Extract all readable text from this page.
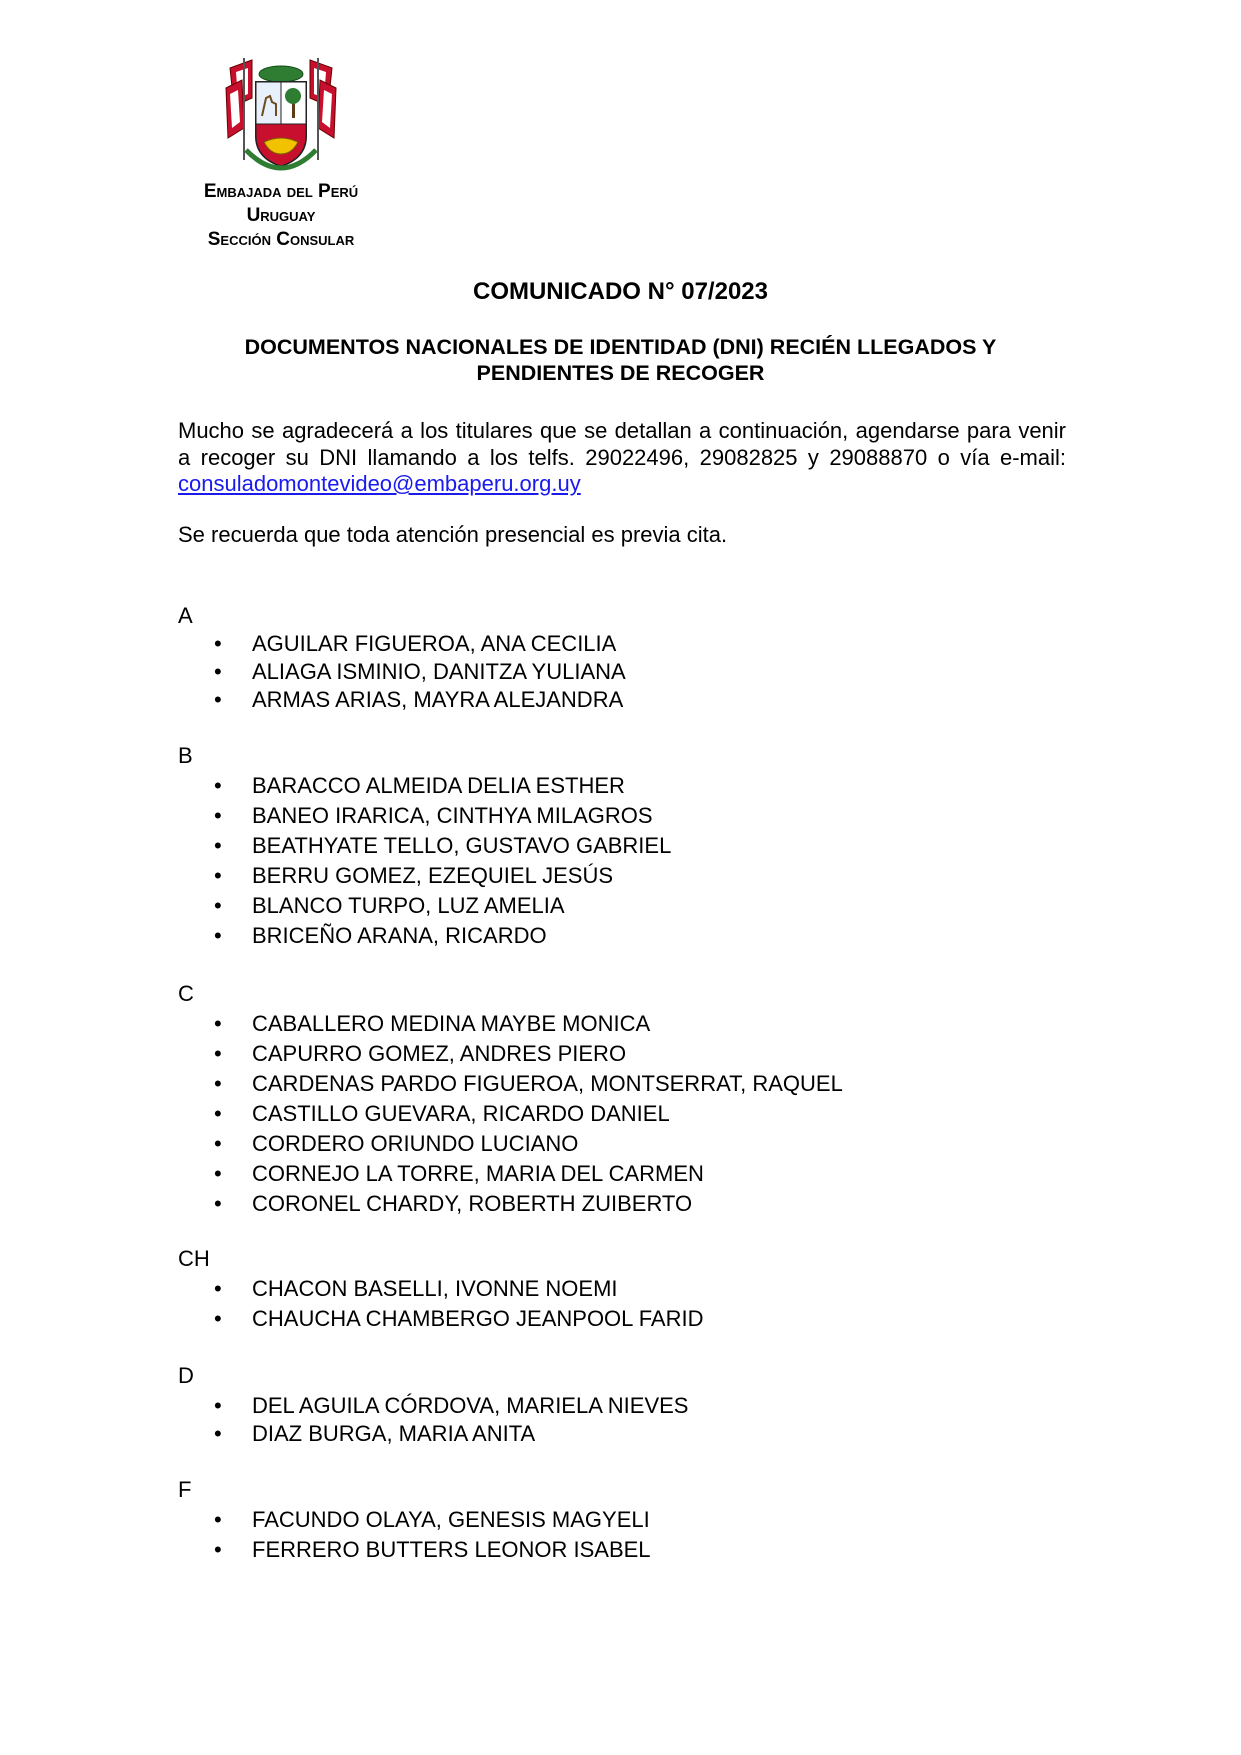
Embajada del Perú
Uruguay
Sección Consular
COMUNICADO N° 07/2023
DOCUMENTOS NACIONALES DE IDENTIDAD (DNI) RECIÉN LLEGADOS Y
PENDIENTES DE RECOGER
Mucho se agradecerá a los titulares que se detallan a continuación, agendarse para venir a recoger su DNI llamando a los telfs. 29022496, 29082825 y 29088870 o vía e-mail: consuladomontevideo@embaperu.org.uy
Se recuerda que toda atención presencial es previa cita.
A
• AGUILAR FIGUEROA, ANA CECILIA
• ALIAGA ISMINIO, DANITZA YULIANA
• ARMAS ARIAS, MAYRA ALEJANDRA
B
• BARACCO ALMEIDA DELIA ESTHER
• BANEO IRARICA, CINTHYA MILAGROS
• BEATHYATE TELLO, GUSTAVO GABRIEL
• BERRU GOMEZ, EZEQUIEL JESÚS
• BLANCO TURPO, LUZ AMELIA
• BRICEÑO ARANA, RICARDO
C
• CABALLERO MEDINA MAYBE MONICA
• CAPURRO GOMEZ, ANDRES PIERO
• CARDENAS PARDO FIGUEROA, MONTSERRAT, RAQUEL
• CASTILLO GUEVARA, RICARDO DANIEL
• CORDERO ORIUNDO LUCIANO
• CORNEJO LA TORRE, MARIA DEL CARMEN
• CORONEL CHARDY, ROBERTH ZUIBERTO
CH
• CHACON BASELLI, IVONNE NOEMI
• CHAUCHA CHAMBERGO JEANPOOL FARID
D
• DEL AGUILA CÓRDOVA, MARIELA NIEVES
• DIAZ BURGA, MARIA ANITA
F
• FACUNDO OLAYA, GENESIS MAGYELI
• FERRERO BUTTERS LEONOR ISABEL
